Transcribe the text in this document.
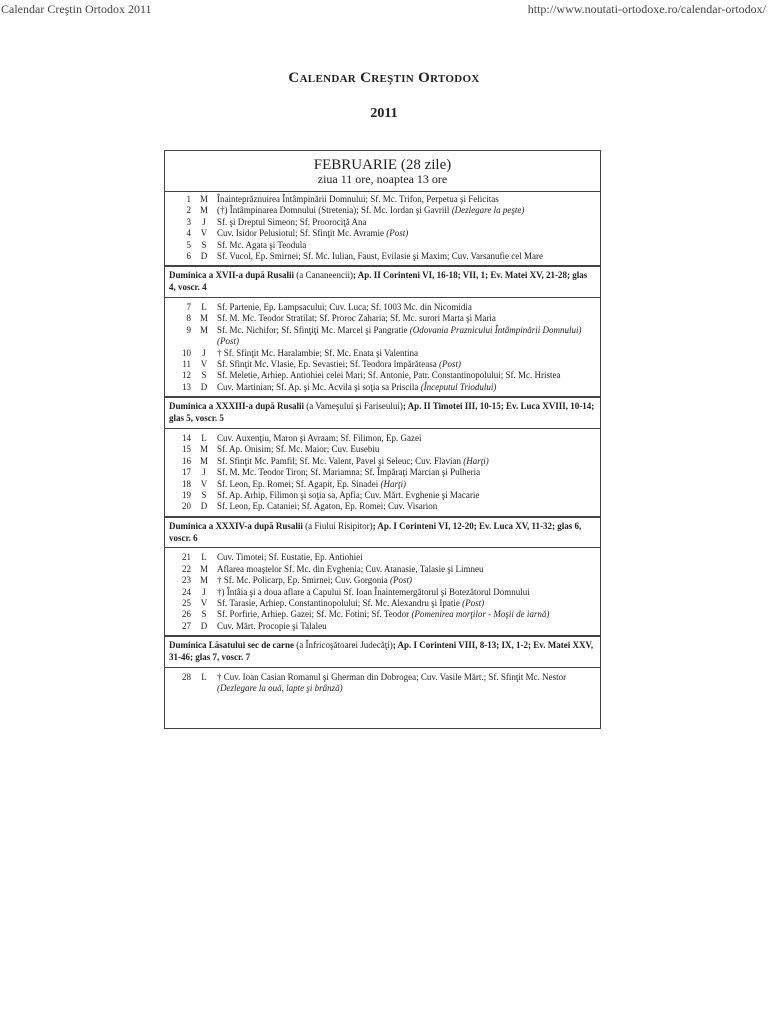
Calendar Creştin Ortodox 2011	http://www.noutati-ortodoxe.ro/calendar-ortodox/
CALENDAR CREŞTIN ORTODOX
2011
FEBRUARIE (28 zile)
ziua 11 ore, noaptea 13 ore
1 M	Înainteprăznuirea Întâmpinării Domnului; Sf. Mc. Trifon, Perpetua şi Felicitas
2 M	(†) Întâmpinarea Domnului (Stretenia); Sf. Mc. Iordan şi Gavriil (Dezlegare la peşte)
3	J	Sf. şi Dreptul Simeon; Sf. Proorociţă Ana
4	V	Cuv. Isidor Pelusiotul; Sf. Sfinţit Mc. Avramie (Post)
5	S	Sf. Mc. Agata şi Teodula
6	D	Sf. Vucol, Ep. Smirnei; Sf. Mc. Iulian, Faust, Evilasie şi Maxim; Cuv. Varsanufie cel Mare
Duminica a XVII-a după Rusalii (a Cananeencii); Ap. II Corinteni VI, 16-18; VII, 1; Ev. Matei XV, 21-28; glas 4, voscr. 4
7	L	Sf. Partenie, Ep. Lampsacului; Cuv. Luca; Sf. 1003 Mc. din Nicomidia
8 M	Sf. M. Mc. Teodor Stratilat; Sf. Proroc Zaharia; Sf. Mc. surori Marta şi Maria
9 M	Sf. Mc. Nichifor; Sf. Sfinţiţi Mc. Marcel şi Pangratie (Odovania Praznicului Întâmpinării Domnului) (Post)
10	J	† Sf. Sfinţit Mc. Haralambie; Sf. Mc. Enata şi Valentina
11	V	Sf. Sfinţit Mc. Vlasie, Ep. Sevastiei; Sf. Teodora împărăteasa (Post)
12	S	Sf. Meletie, Arhiep. Antiohiei celei Mari; Sf. Antonie, Patr. Constantinopolului; Sf. Mc. Hristea
13	D	Cuv. Martinian; Sf. Ap. şi Mc. Acvila şi soţia sa Priscila (Începutul Triodului)
Duminica a XXXIII-a după Rusalii (a Vameşului şi Fariseului); Ap. II Timotei III, 10-15; Ev. Luca XVIII, 10-14; glas 5, voscr. 5
14	L	Cuv. Auxenţiu, Maron şi Avraam; Sf. Filimon, Ep. Gazei
15 M	Sf. Ap. Onisim; Sf. Mc. Maior; Cuv. Eusebiu
16 M	Sf. Sfinţit Mc. Pamfil; Sf. Mc. Valent, Pavel şi Seleuc; Cuv. Flavian (Harţi)
17	J	Sf. M. Mc. Teodor Tiron; Sf. Mariamna; Sf. Împăraţi Marcian şi Pulheria
18	V	Sf. Leon, Ep. Romei; Sf. Agapit, Ep. Sinadei (Harţi)
19	S	Sf. Ap. Arhip, Filimon şi soţia sa, Apfia; Cuv. Mărt. Evghenie şi Macarie
20	D	Sf. Leon, Ep. Cataniei; Sf. Agaton, Ep. Romei; Cuv. Visarion
Duminica a XXXIV-a după Rusalii (a Fiului Risipitor); Ap. I Corinteni VI, 12-20; Ev. Luca XV, 11-32; glas 6, voscr. 6
21	L	Cuv. Timotei; Sf. Eustatie, Ep. Antiohiei
22 M	Aflarea moaştelor Sf. Mc. din Evghenia; Cuv. Atanasie, Talasie şi Limneu
23 M	† Sf. Mc. Policarp, Ep. Smirnei; Cuv. Gorgonia (Post)
24	J	†) Întâia şi a doua aflare a Capului Sf. Ioan Înaintemergătorul şi Botezătorul Domnului
25	V	Sf. Tarasie, Arhiep. Constantinopolului; Sf. Mc. Alexandru şi Ipatie (Post)
26	S	Sf. Porfirie, Arhiep. Gazei; Sf. Mc. Fotini; Sf. Teodor (Pomenirea morţilor - Moşii de iarnă)
27	D	Cuv. Mărt. Procopie şi Talaleu
Duminica Lăsatului sec de carne (a Înfricoşătoarei Judecăţi); Ap. I Corinteni VIII, 8-13; IX, 1-2; Ev. Matei XXV, 31-46; glas 7, voscr. 7
28	L	† Cuv. Ioan Casian Romanul şi Gherman din Dobrogea; Cuv. Vasile Mărt.; Sf. Sfinţit Mc. Nestor (Dezlegare la ouă, lapte şi brânză)
